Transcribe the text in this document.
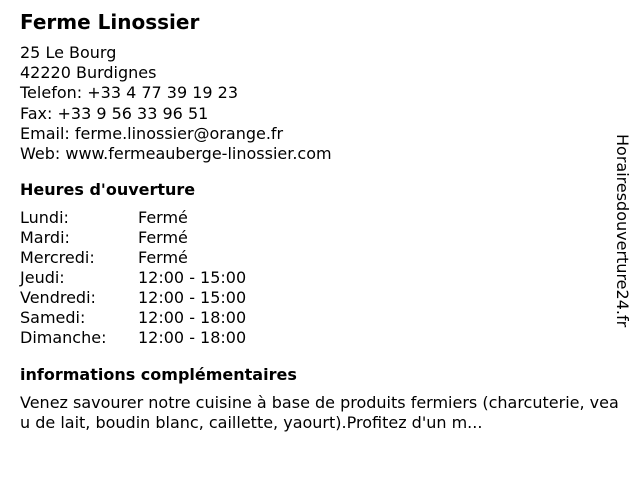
Ferme Linossier
25 Le Bourg
42220 Burdignes
Telefon: +33 4 77 39 19 23
Fax: +33 9 56 33 96 51
Email: ferme.linossier@orange.fr
Web: www.fermeauberge-linossier.com
Heures d'ouverture
Lundi:	Fermé
Mardi:	Fermé
Mercredi:	Fermé
Jeudi:	12:00 - 15:00
Vendredi:	12:00 - 15:00
Samedi:	12:00 - 18:00
Dimanche:	12:00 - 18:00
informations complémentaires

Venez savourer notre cuisine à base de produits fermiers (charcuterie, veau de lait, boudin blanc, caillette, yaourt).Profitez d'un m...

Horairesdouverture24.fr
